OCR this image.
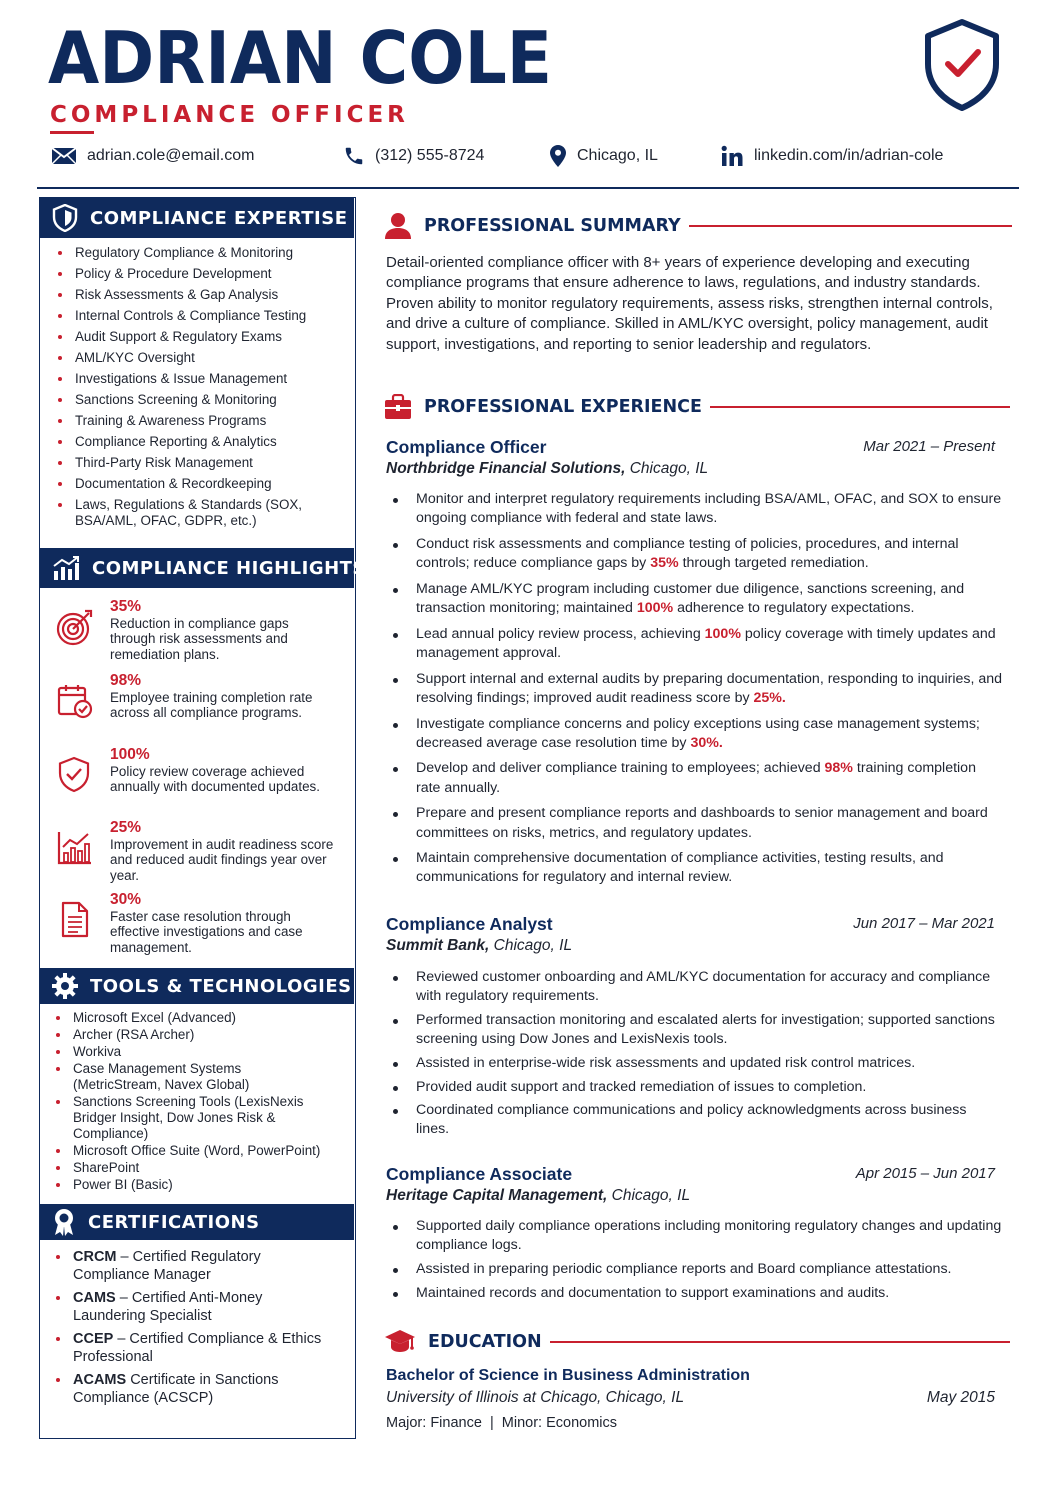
ADRIAN COLE
COMPLIANCE OFFICER
adrian.cole@email.com	(312) 555-8724	Chicago, IL	linkedin.com/in/adrian-cole
COMPLIANCE EXPERTISE
Regulatory Compliance & Monitoring
Policy & Procedure Development
Risk Assessments & Gap Analysis
Internal Controls & Compliance Testing
Audit Support & Regulatory Exams
AML/KYC Oversight
Investigations & Issue Management
Sanctions Screening & Monitoring
Training & Awareness Programs
Compliance Reporting & Analytics
Third-Party Risk Management
Documentation & Recordkeeping
Laws, Regulations & Standards (SOX, BSA/AML, OFAC, GDPR, etc.)
COMPLIANCE HIGHLIGHTS
35%
Reduction in compliance gaps through risk assessments and remediation plans.
98%
Employee training completion rate across all compliance programs.
100%
Policy review coverage achieved annually with documented updates.
25%
Improvement in audit readiness score and reduced audit findings year over year.
30%
Faster case resolution through effective investigations and case management.
TOOLS & TECHNOLOGIES
Microsoft Excel (Advanced)
Archer (RSA Archer)
Workiva
Case Management Systems (MetricStream, Navex Global)
Sanctions Screening Tools (LexisNexis Bridger Insight, Dow Jones Risk & Compliance)
Microsoft Office Suite (Word, PowerPoint)
SharePoint
Power BI (Basic)
CERTIFICATIONS
CRCM – Certified Regulatory Compliance Manager
CAMS – Certified Anti-Money Laundering Specialist
CCEP – Certified Compliance & Ethics Professional
ACAMS Certificate in Sanctions Compliance (ACSCP)
PROFESSIONAL SUMMARY
Detail-oriented compliance officer with 8+ years of experience developing and executing compliance programs that ensure adherence to laws, regulations, and industry standards. Proven ability to monitor regulatory requirements, assess risks, strengthen internal controls, and drive a culture of compliance. Skilled in AML/KYC oversight, policy management, audit support, investigations, and reporting to senior leadership and regulators.
PROFESSIONAL EXPERIENCE
Compliance Officer	Mar 2021 – Present
Northbridge Financial Solutions, Chicago, IL
Monitor and interpret regulatory requirements including BSA/AML, OFAC, and SOX to ensure ongoing compliance with federal and state laws.
Conduct risk assessments and compliance testing of policies, procedures, and internal controls; reduce compliance gaps by 35% through targeted remediation.
Manage AML/KYC program including customer due diligence, sanctions screening, and transaction monitoring; maintained 100% adherence to regulatory expectations.
Lead annual policy review process, achieving 100% policy coverage with timely updates and management approval.
Support internal and external audits by preparing documentation, responding to inquiries, and resolving findings; improved audit readiness score by 25%.
Investigate compliance concerns and policy exceptions using case management systems; decreased average case resolution time by 30%.
Develop and deliver compliance training to employees; achieved 98% training completion rate annually.
Prepare and present compliance reports and dashboards to senior management and board committees on risks, metrics, and regulatory updates.
Maintain comprehensive documentation of compliance activities, testing results, and communications for regulatory and internal review.
Compliance Analyst	Jun 2017 – Mar 2021
Summit Bank, Chicago, IL
Reviewed customer onboarding and AML/KYC documentation for accuracy and compliance with regulatory requirements.
Performed transaction monitoring and escalated alerts for investigation; supported sanctions screening using Dow Jones and LexisNexis tools.
Assisted in enterprise-wide risk assessments and updated risk control matrices.
Provided audit support and tracked remediation of issues to completion.
Coordinated compliance communications and policy acknowledgments across business lines.
Compliance Associate	Apr 2015 – Jun 2017
Heritage Capital Management, Chicago, IL
Supported daily compliance operations including monitoring regulatory changes and updating compliance logs.
Assisted in preparing periodic compliance reports and Board compliance attestations.
Maintained records and documentation to support examinations and audits.
EDUCATION
Bachelor of Science in Business Administration
University of Illinois at Chicago, Chicago, IL	May 2015
Major: Finance  |  Minor: Economics
